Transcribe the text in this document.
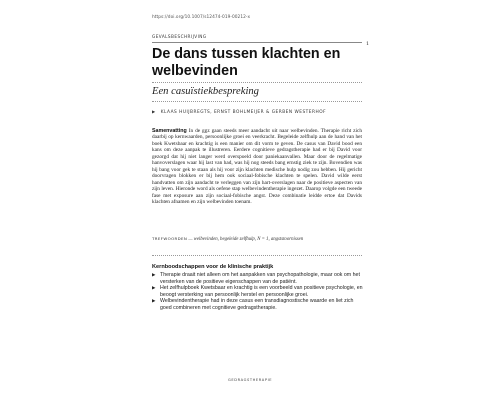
https://doi.org/10.1007/s12474-019-00212-x
1
GEVALSBESCHRIJVING
De dans tussen klachten en welbevinden
Een casuïstiekbespreking
▶ KLAAS HUIJBREGTS, ERNST BOHLMEIJER & GERBEN WESTERHOF

Samenvatting In de ggz gaan steeds meer aandacht uit naar welbevinden. Therapie richt zich daarbij op kernwaarden, persoonlijke groei en veerkracht. Begeleide zelfhulp aan de hand van het boek Kwetsbaar en krachtig is een manier om dit vorm te geven. De casus van David bood een kans om deze aanpak te illustreren. Eerdere cognitieve gedragstherapie had er bij David voor gezorgd dat hij niet langer werd overspoeld door paniekaanvallen. Maar door de regelmatige hanvoverslagen waar hij last van had, was hij nog steeds bang ernstig ziek te zijn. Bovendien was hij bang voor gek te staan als hij voor zijn klachten medische hulp nodig zou hebben. Hij gericht doorvragen blokken er bij hem ook sociaal-fobische klachten te spelen. David wilde eerst handvatten om zijn aandacht te verleggen van zijn hart-overslagen naar de positieve aspecten van zijn leven. Hieronde word als oefene stap welbevindentherapie ingezet. Daarop volgde een tweede fase met exposure aan zijn sociaal-fobische angst. Deze combinatie leidde ertoe dat Davids klachten afnamen en zijn welbevinden toenam.

TREFWOORDEN — welbevinden, begeleide zelfhulp, N = 1, angststoornissen
Kernboodschappen voor de klinische praktijk
▶ Therapie draait niet alleen om het aanpakken van psychopathologie, maar ook om het versterken van de positieve eigenschappen van de patiënt.
▶ Het zelfhulpboek Kwetsbaar en krachtig is een voorbeeld van positieve psychologie, en beoogt versterking van persoonlijk herstel en persoonlijke groei.
▶ Welbevindentherapie had in deze casus een transdiagnostische waarde en liet zich goed combineren met cognitieve gedragstherapie.
GEDRAGSTHERAPIE
